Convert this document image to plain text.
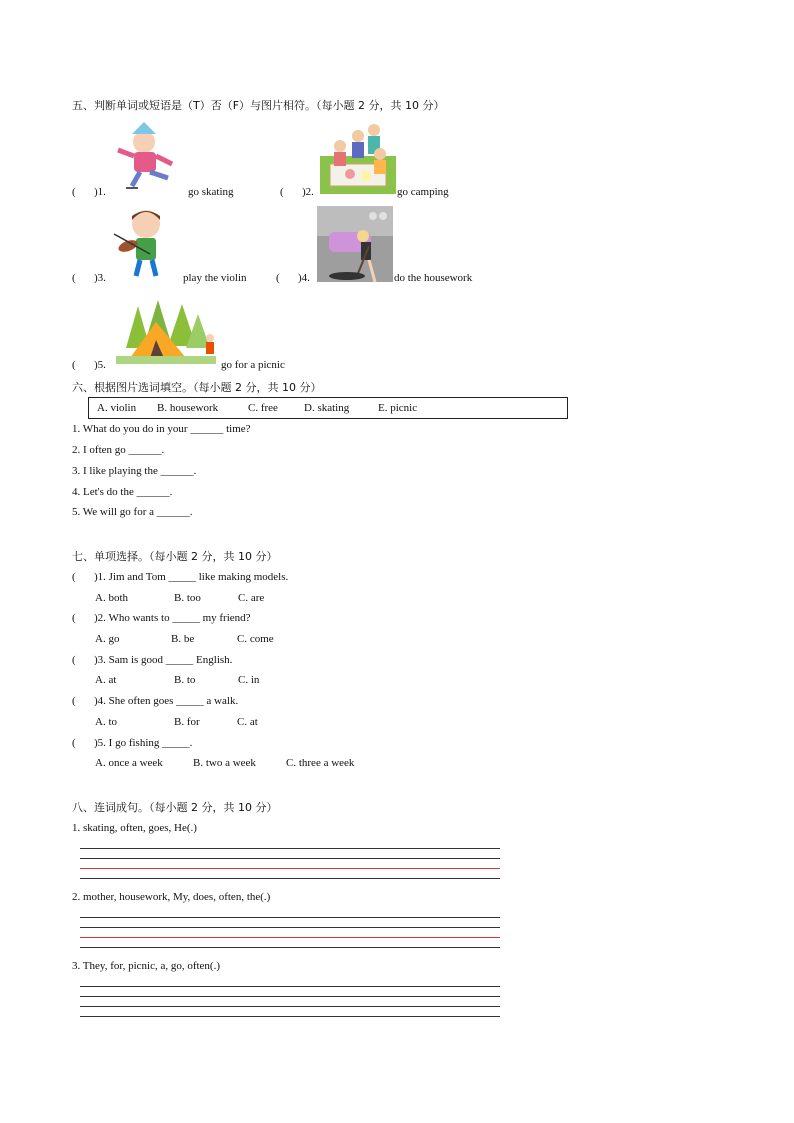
五、判断单词或短语是（T）否（F）与图片相符。（每小题 2 分，共 10 分）
( )1.	go skating	( )2.	go camping
( )3.	play the violin	( )4.	do the housework
( )5.	go for a picnic
六、根据图片选词填空。（每小题 2 分，共 10 分）
A. violin B. housework	C. free D. skating	E. picnic
1. What do you do in your ______ time?
2. I often go ______.
3. I like playing the ______.
4. Let's do the ______.
5. We will go for a ______.
七、单项选择。（每小题 2 分，共 10 分）
( )1. Jim and Tom _____ like making models.
A. both	B. too	C. are
( )2. Who wants to _____ my friend?
A. go	B. be	C. come
( )3. Sam is good _____ English.
A. at	B. to	C. in
( )4. She often goes _____ a walk.
A. to	B. for	C. at
( )5. I go fishing _____.
A. once a week	B. two a week	C. three a week
八、连词成句。（每小题 2 分，共 10 分）
1. skating, often, goes, He(.)
2. mother, housework, My, does, often, the(.)
3. They, for, picnic, a, go, often(.)
